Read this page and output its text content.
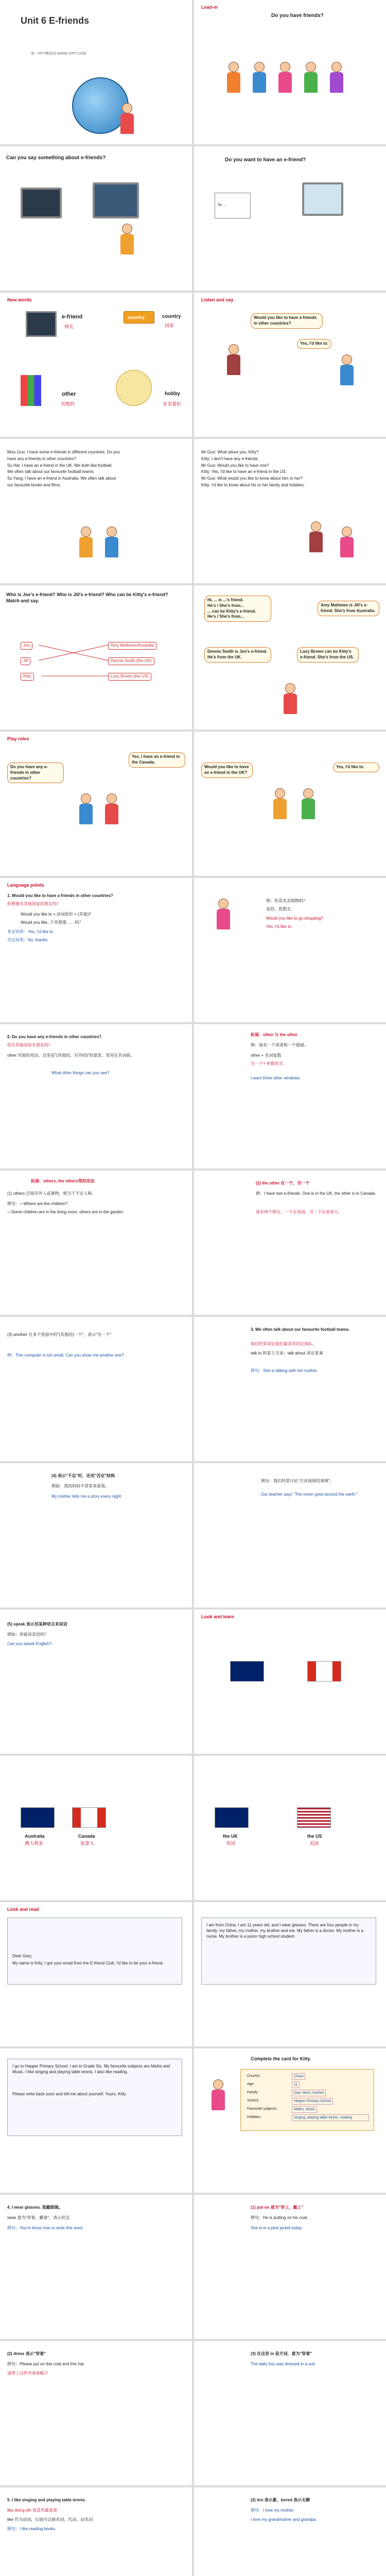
Unit 6 E-friends
第一PPT模板网-WWW.1PPT.COM
Lead-in
Do you have friends?
Can you say something about e-friends?	Do you want to have an e-friend?
To: ...
New words
e-friend
网友
country	country
国家
other
其他的
hobby
业余爱好
Listen and say
Would you like to have a friends in other countries?
Yes, I'd like to.
Miss Guo: I have some e-friends in different countries. Do you
have any e-friends in other countries?
Su Hai: I have an e-friend in the UK. We both like football.
We often talk about our favourite football teams.
Su Yang: I have an e-friend in Australia. We often talk about
our favourite books and films.
Mr Guo: What about you, Kitty?
Kitty: I don't have any e-friends.
Mr Guo: Would you like to have one?
Kitty: Yes, I'd like to have an e-friend in the US.
Mr Guo: What would you like to know about him or her?
Kitty: I'd like to know about his or her family and hobbies.
Who is Joe's e-friend? Who is Jill's e-friend? Who can be Kitty's e-friend? Match and say.
Joe
Jill
Kitty
Amy Mathews/Australia
Dennis Smith (the UK)
Lucy Brown (the US)
Hi, ... is ...'s friend.
He's / She's from...
... can be Kitty's e-friend.
He's / She's from...
Amy Mathews is Jill's e-friend. She's from Australia.
Dennis Smith is Joe's e-friend. He's from the UK.
Lucy Brown can be Kitty's e-friend. She's from the US.
Play roles
Do you have any e-friends in other countries?
Yes, I have an e-friend in the Canada.
Would you like to have an e-friend in the UK?
Yes, I'd like to.
Language points
1. Would you like to have a friends in other countries?
你想要有其他国家的朋友吗？
Would you like to + 动词原形 + (其他)?
Would you like...? 你想要……吗？
肯定回答：Yes, I'd like to.
否定回答：No, thanks.
例：你喜欢去购物吗？
是的，我想去。
Would you like to go shopping?
Yes, I'd like to.
2. Do you have any e-friends in other countries?
你在其他国家有朋友吗？
other 其他的用法，这里是"(其他的，另外的)"的意思，常用在名词前。
What other things can you see?
拓展：other 与 the other
例：他有一个哥哥和一个姐姐。
other + 名词复数
另一个+ 单数形式
I want three other windows.
拓展：others, the others等的用法
(1) others 泛指另外人或事物，相当于不定人称。
例句：—Where are the children?
—Some children are in the living room, others are in the garden.
(2) the other 在一个，另一个
例：I have two e-friends. One is in the UK, the other is in Canada.
我有两个网友，一个在英国，另一个在加拿大。
(3) another 在多个里面中的"(其他的)一个"，表示"另一个"
例：This computer is too small. Can you show me another one?
3. We often talk about our favourite football teams.
我们经常谈论我们最喜欢的足球队。
talk to 和某人交谈；talk about 谈论某事
例句：She is talking with her mother.
(4) 表示"不总"时，还用"否定"结构
例如：我的妈妈不常常来看我。
My mother tells me a story every night.
例句：我们经常讨论"月亮周围的事情"。
Our teacher says "The moon goes around the earth."
(5) speak 表示用某种语言来说话
例如：你能说英语吗？
Can you speak English?
Look and learn
Australia
澳大利亚
Canada
加拿大
the UK
英国
the US
美国
Look and read
Dear Gary,
My name is Kitty. I got your email from the E-friend Club. I'd like to be your e-friend.
I am from China. I am 11 years old, and I wear glasses. There are four people in my family: my father, my mother, my brother and me. My father is a doctor. My mother is a nurse. My brother is a junior high school student.
I go to Hepper Primary School. I am in Grade Six. My favourite subjects are Maths and Music. I like singing and playing table tennis. I also like reading.
Please write back soon and tell me about yourself. Yours, Kitty
Complete the card for Kitty.
Country:	China
Age:	11
Family:	Dad, Mum, brother
School:	Hepper Primary School
Favourite subjects:	Maths, Music
Hobbies:	singing, playing table tennis, reading
4. I wear glasses. 我戴眼镜。
wear 意为"穿着，戴着"，表示状态
例句：You're know how to write this word.
(1) put on 意为"穿上，戴上"
例句：He is putting on his coat.
She is in a pink jacket today.
(2) dress 表示"穿着"
例句：Please put on this coat and this hat.
请穿上这件外套和帽子
(3) 在这里 in 是介词，意为"穿着"
The daily boy was dressed in a suit.
5. I like singing and playing table tennis.
like doing sth 我喜欢做某事
like 作为动词，后面可以接名词、代词、动名词
例句：I like reading books.
(2) tire 表示累，bored 表示无聊
例句：I love my mother.
I love my grandmother and grandpa.
